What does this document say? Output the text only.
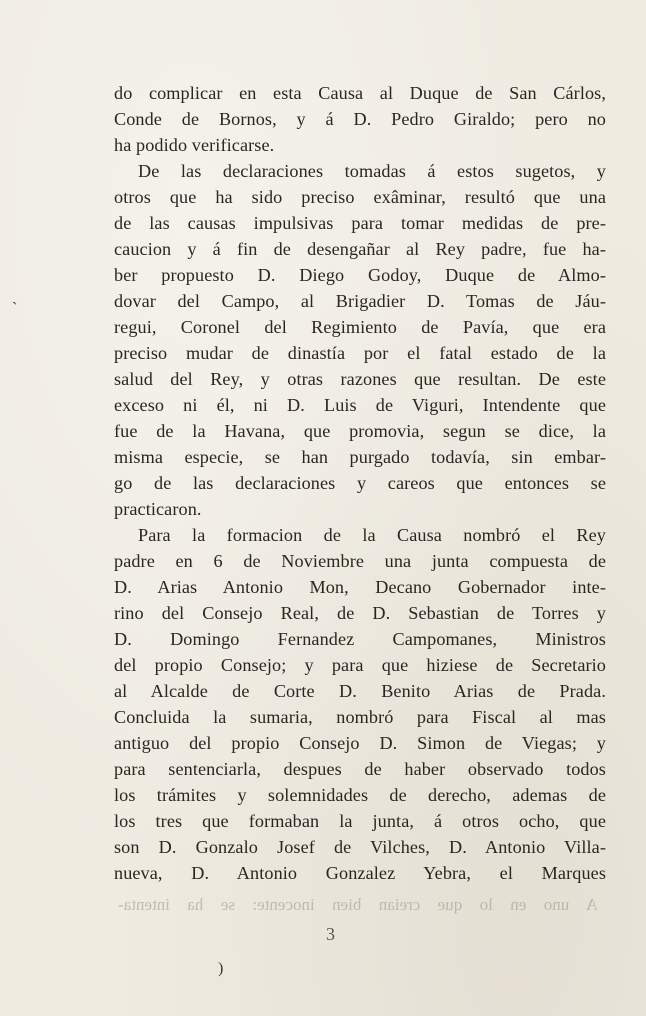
do complicar en esta Causa al Duque de San Cárlos,
Conde de Bornos, y á D. Pedro Giraldo; pero no
ha podido verificarse.
De las declaraciones tomadas á estos sugetos, y
otros que ha sido preciso exâminar, resultó que una
de las causas impulsivas para tomar medidas de pre-
caucion y á fin de desengañar al Rey padre, fue ha-
ber propuesto D. Diego Godoy, Duque de Almo-
dovar del Campo, al Brigadier D. Tomas de Jáu-
regui, Coronel del Regimiento de Pavía, que era
preciso mudar de dinastía por el fatal estado de la
salud del Rey, y otras razones que resultan. De este
exceso ni él, ni D. Luis de Viguri, Intendente que
fue de la Havana, que promovia, segun se dice, la
misma especie, se han purgado todavía, sin embar-
go de las declaraciones y careos que entonces se
practicaron.
Para la formacion de la Causa nombró el Rey
padre en 6 de Noviembre una junta compuesta de
D. Arias Antonio Mon, Decano Gobernador inte-
rino del Consejo Real, de D. Sebastian de Torres y
D. Domingo Fernandez Campomanes, Ministros
del propio Consejo; y para que hiziese de Secretario
al Alcalde de Corte D. Benito Arias de Prada.
Concluida la sumaria, nombró para Fiscal al mas
antiguo del propio Consejo D. Simon de Viegas; y
para sentenciarla, despues de haber observado todos
los trámites y solemnidades de derecho, ademas de
los tres que formaban la junta, á otros ocho, que
son D. Gonzalo Josef de Vilches, D. Antonio Villa-
nueva, D. Antonio Gonzalez Yebra, el Marques
A uno en lo que creian bien inocente: se ha intenta-
3
`
)
